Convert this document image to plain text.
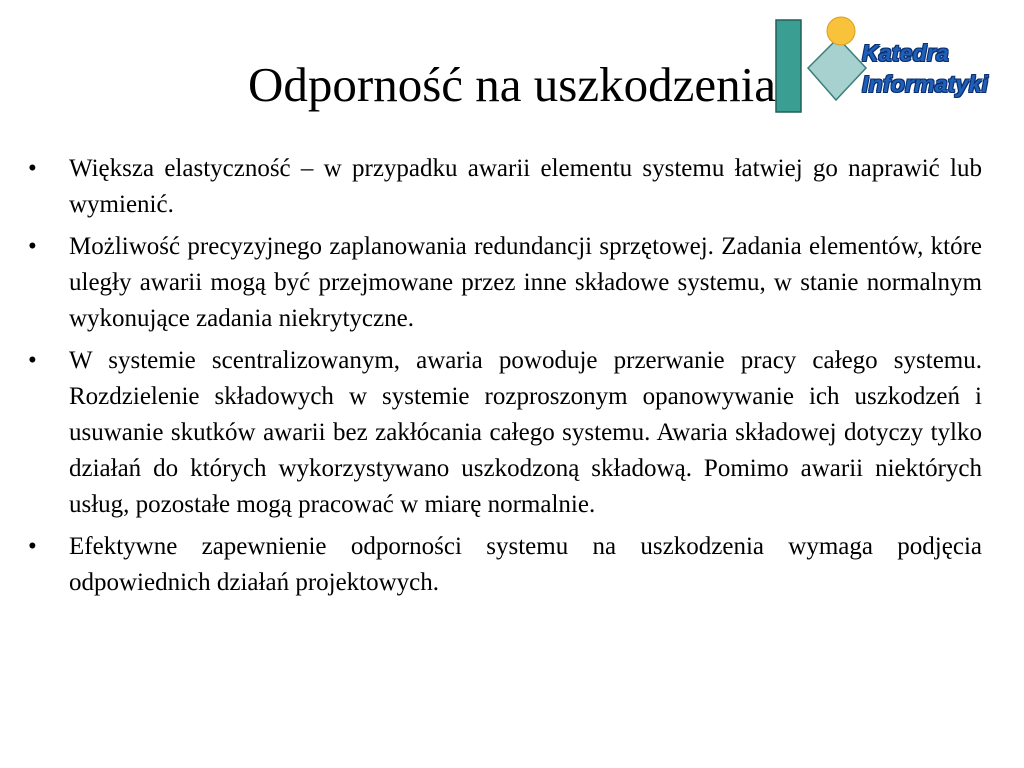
Odporność na uszkodzenia
Katedra
Informatyki
•	Większa elastyczność – w przypadku awarii elementu systemu łatwiej go naprawić lub wymienić.
•	Możliwość precyzyjnego zaplanowania redundancji sprzętowej. Zadania elementów, które uległy awarii mogą być przejmowane przez inne składowe systemu, w stanie normalnym wykonujące zadania niekrytyczne.
•	W systemie scentralizowanym, awaria powoduje przerwanie pracy całego systemu. Rozdzielenie składowych w systemie rozproszonym opanowywanie ich uszkodzeń i usuwanie skutków awarii bez zakłócania całego systemu. Awaria składowej dotyczy tylko działań do których wykorzystywano uszkodzoną składową. Pomimo awarii niektórych usług, pozostałe mogą pracować w miarę normalnie.
•	Efektywne zapewnienie odporności systemu na uszkodzenia wymaga podjęcia odpowiednich działań projektowych.
